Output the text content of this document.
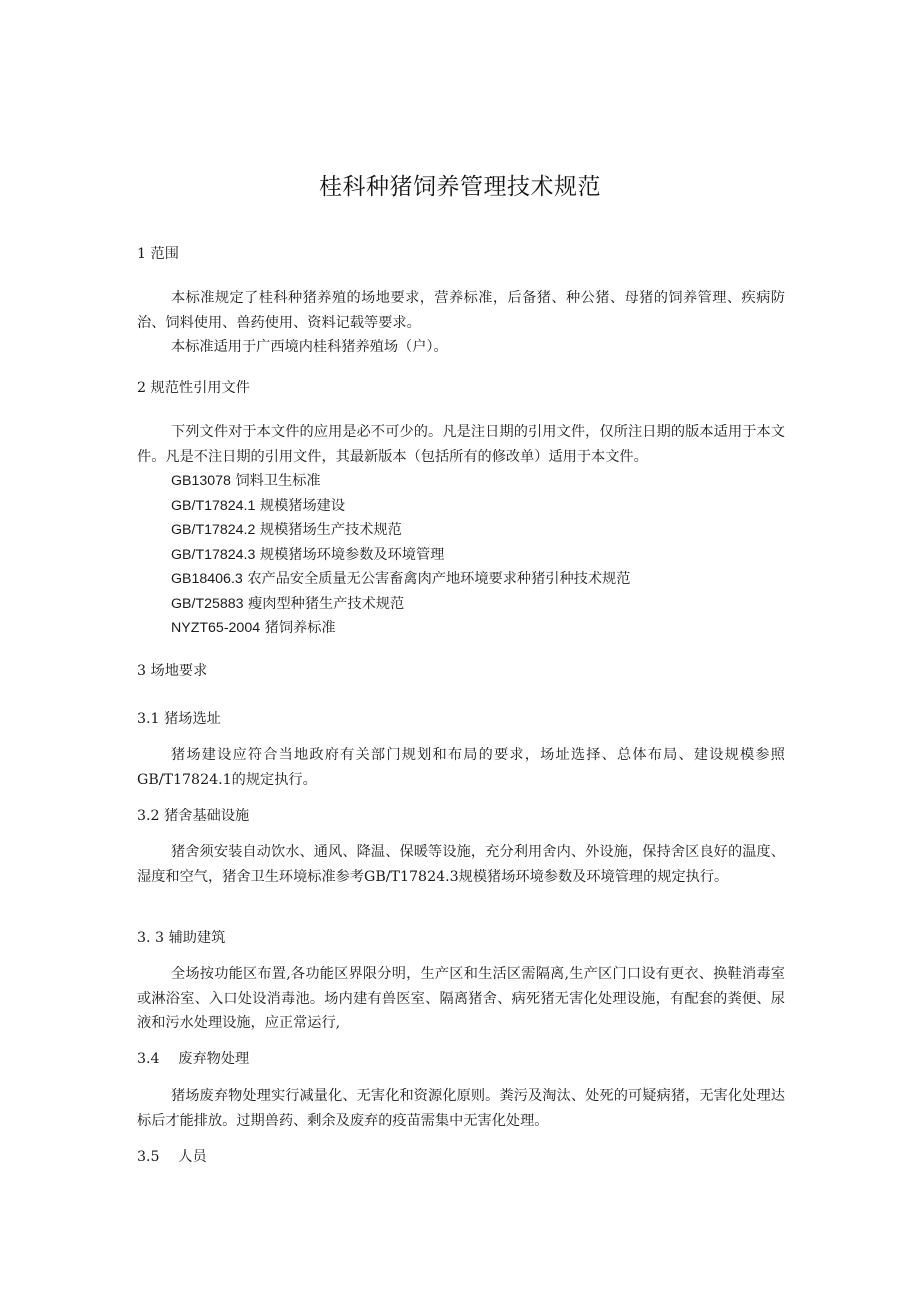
桂科种猪饲养管理技术规范
1 范围
本标准规定了桂科种猪养殖的场地要求，营养标准，后备猪、种公猪、母猪的饲养管理、疾病防治、饲料使用、兽药使用、资料记载等要求。
本标准适用于广西境内桂科猪养殖场（户）。
2 规范性引用文件
下列文件对于本文件的应用是必不可少的。凡是注日期的引用文件，仅所注日期的版本适用于本文件。凡是不注日期的引用文件，其最新版本（包括所有的修改单）适用于本文件。
GB13078 饲料卫生标准
GB/T17824.1 规模猪场建设
GB/T17824.2 规模猪场生产技术规范
GB/T17824.3 规模猪场环境参数及环境管理
GB18406.3 农产品安全质量无公害畜禽肉产地环境要求种猪引种技术规范
GB/T25883 瘦肉型种猪生产技术规范
NYZT65-2004 猪饲养标准
3 场地要求
3.1 猪场选址
猪场建设应符合当地政府有关部门规划和布局的要求，场址选择、总体布局、建设规模参照GB/T17824.1的规定执行。
3.2 猪舍基础设施
猪舍须安装自动饮水、通风、降温、保暖等设施，充分利用舍内、外设施，保持舍区良好的温度、湿度和空气，猪舍卫生环境标准参考GB/T17824.3规模猪场环境参数及环境管理的规定执行。
3. 3 辅助建筑
全场按功能区布置,各功能区界限分明，生产区和生活区需隔离,生产区门口设有更衣、换鞋消毒室或淋浴室、入口处设消毒池。场内建有兽医室、隔离猪舍、病死猪无害化处理设施，有配套的粪便、尿液和污水处理设施，应正常运行,
3.4　 废弃物处理
猪场废弃物处理实行减量化、无害化和资源化原则。粪污及淘汰、处死的可疑病猪，无害化处理达标后才能排放。过期兽药、剩余及废弃的疫苗需集中无害化处理。
3.5　 人员
